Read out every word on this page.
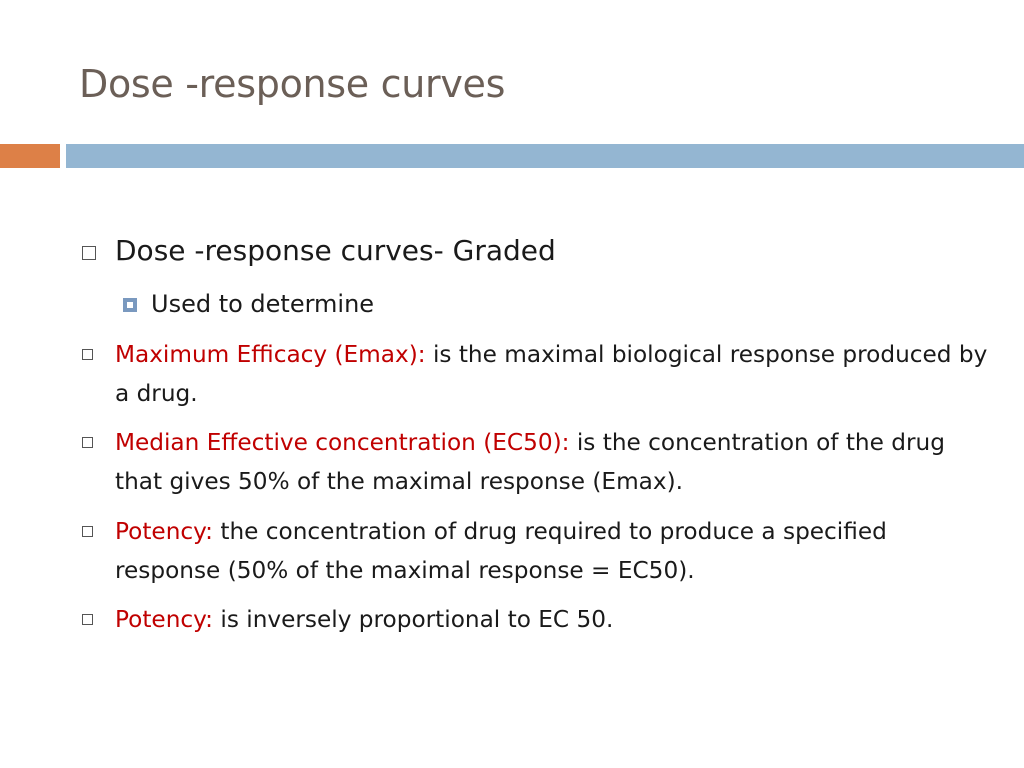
Dose -response curves
Dose -response curves- Graded
Used to determine
Maximum Efficacy (Emax): is the maximal biological response produced by a drug.
Median Effective concentration (EC50): is the concentration of the drug that gives 50% of the maximal response (Emax).
Potency: the concentration of drug required to produce a specified response (50% of the maximal response = EC50).
Potency: is inversely proportional to EC 50.
